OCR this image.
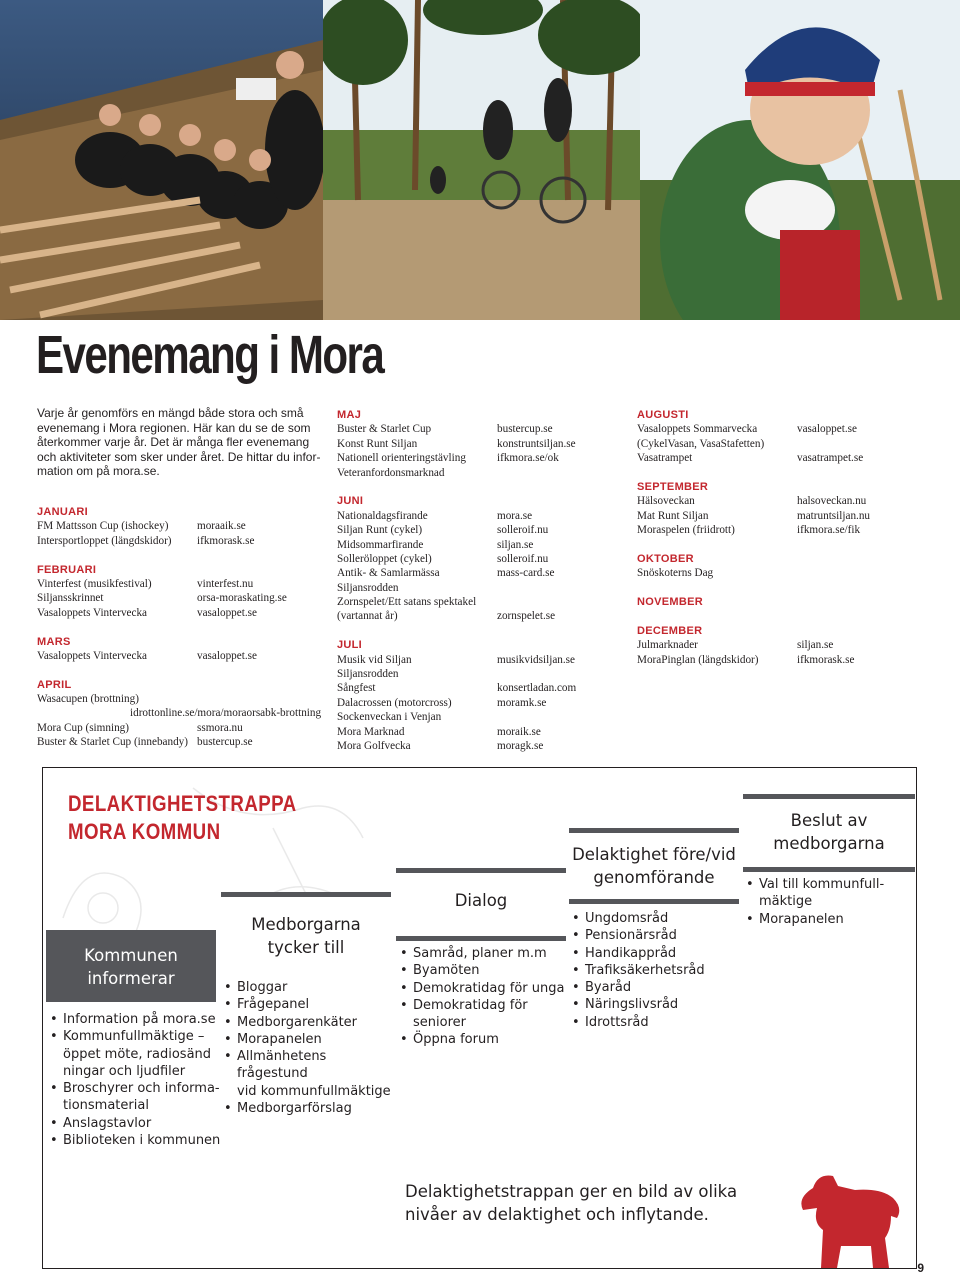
Evenemang i Mora
Varje år genomförs en mängd både stora och små
evenemang i Mora regionen. Här kan du se de som
återkommer varje år. Det är många fler evenemang
och aktiviteter som sker under året. De hittar du infor-
mation om på mora.se.
JANUARI
FM Mattsson Cup (ishockey)	moraaik.se
Intersportloppet (längdskidor)	ifkmorask.se
FEBRUARI
Vinterfest (musikfestival)	vinterfest.nu
Siljansskrinnet	orsa-moraskating.se
Vasaloppets Vintervecka	vasaloppet.se
MARS
Vasaloppets Vintervecka	vasaloppet.se
APRIL
Wasacupen (brottning)
idrottonline.se/mora/moraorsabk-brottning
Mora Cup (simning)	ssmora.nu
Buster & Starlet Cup (innebandy) bustercup.se
MAJ
Buster & Starlet Cup	bustercup.se
Konst Runt Siljan	konstruntsiljan.se
Nationell orienteringstävling	ifkmora.se/ok
Veteranfordonsmarknad
JUNI
Nationaldagsfirande	mora.se
Siljan Runt (cykel)	solleroif.nu
Midsommarfirande	siljan.se
Solleröloppet (cykel)	solleroif.nu
Antik- & Samlarmässa	mass-card.se
Siljansrodden
Zornspelet/Ett satans spektakel
(vartannat år)	zornspelet.se
JULI
Musik vid Siljan	musikvidsiljan.se
Siljansrodden
Sångfest	konsertladan.com
Dalacrossen (motorcross)	moramk.se
Sockenveckan i Venjan
Mora Marknad	moraik.se
Mora Golfvecka	moragk.se
AUGUSTI
Vasaloppets Sommarvecka	vasaloppet.se
(CykelVasan, VasaStafetten)
Vasatrampet	vasatrampet.se
SEPTEMBER
Hälsoveckan	halsoveckan.nu
Mat Runt Siljan	matruntsiljan.nu
Moraspelen (friidrott)	ifkmora.se/fik
OKTOBER
Snöskoterns Dag
NOVEMBER
DECEMBER
Julmarknader	siljan.se
MoraPinglan (längdskidor)	ifkmorask.se
DELAKTIGHETSTRAPPA
MORA KOMMUN
Kommunen
informerar
• Information på mora.se
• Kommunfullmäktige –
öppet möte, radiosänd
ningar och ljudfiler
• Broschyrer och informa-
tionsmaterial
• Anslagstavlor
• Biblioteken i kommunen
Medborgarna
tycker till
• Bloggar
• Frågepanel
• Medborgarenkäter
• Morapanelen
• Allmänhetens frågestund
vid kommunfullmäktige
• Medborgarförslag
Dialog
• Samråd, planer m.m
• Byamöten
• Demokratidag för unga
• Demokratidag för
seniorer
• Öppna forum
Delaktighet före/vid
genomförande
• Ungdomsråd
• Pensionärsråd
• Handikappråd
• Trafiksäkerhetsråd
• Byaråd
• Näringslivsråd
• Idrottsråd
Beslut av
medborgarna
• Val till kommunfull-
mäktige
• Morapanelen
Delaktighetstrappan ger en bild av olika
nivåer av delaktighet och inflytande.
9
